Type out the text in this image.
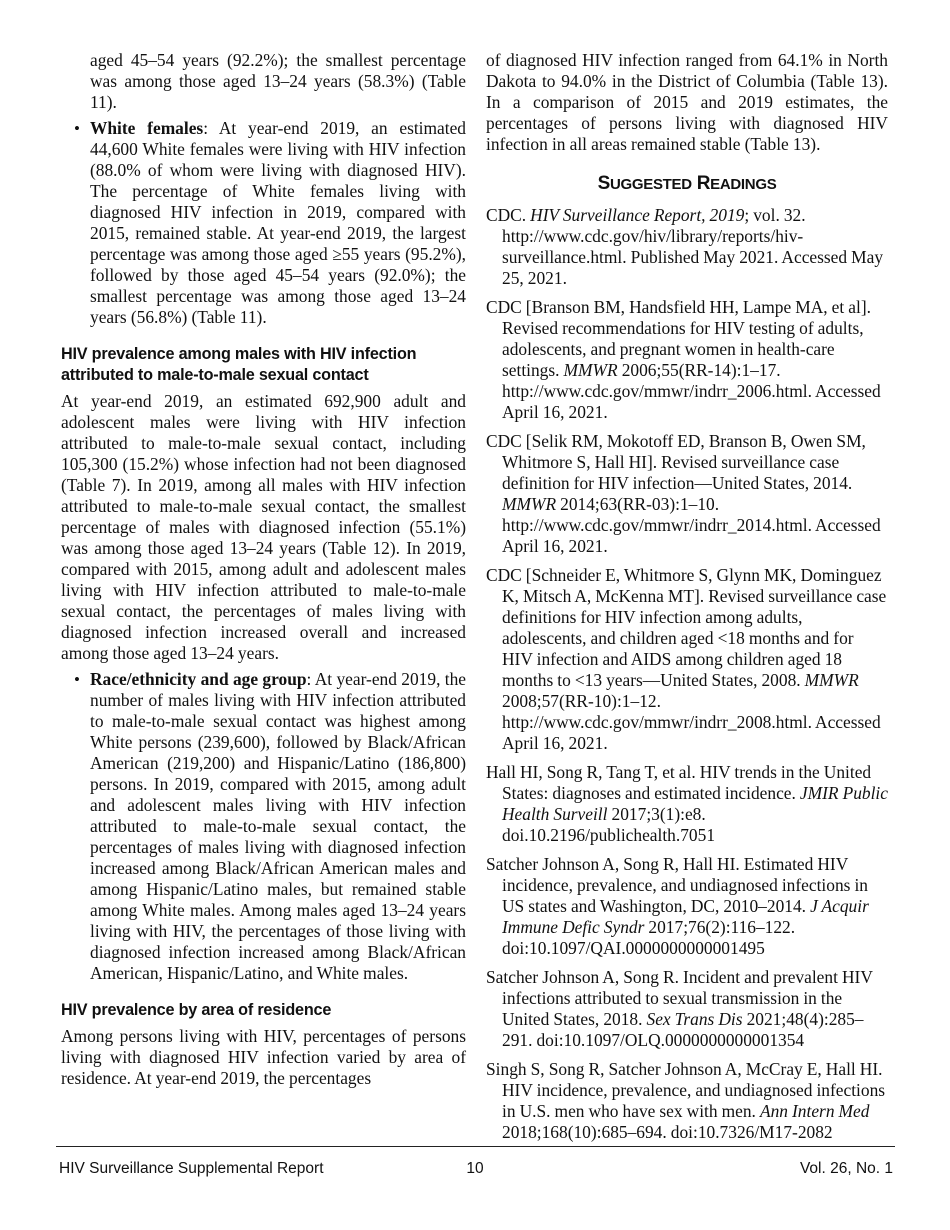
aged 45–54 years (92.2%); the smallest percentage was among those aged 13–24 years (58.3%) (Table 11).

• White females: At year-end 2019, an estimated 44,600 White females were living with HIV infection (88.0% of whom were living with diagnosed HIV). The percentage of White females living with diagnosed HIV infection in 2019, compared with 2015, remained stable. At year-end 2019, the largest percentage was among those aged ≥55 years (95.2%), followed by those aged 45–54 years (92.0%); the smallest percentage was among those aged 13–24 years (56.8%) (Table 11).
HIV prevalence among males with HIV infection attributed to male-to-male sexual contact

At year-end 2019, an estimated 692,900 adult and adolescent males were living with HIV infection attributed to male-to-male sexual contact, including 105,300 (15.2%) whose infection had not been diagnosed (Table 7). In 2019, among all males with HIV infection attributed to male-to-male sexual contact, the smallest percentage of males with diagnosed infection (55.1%) was among those aged 13–24 years (Table 12). In 2019, compared with 2015, among adult and adolescent males living with HIV infection attributed to male-to-male sexual contact, the percentages of males living with diagnosed infection increased overall and increased among those aged 13–24 years.

• Race/ethnicity and age group: At year-end 2019, the number of males living with HIV infection attributed to male-to-male sexual contact was highest among White persons (239,600), followed by Black/African American (219,200) and Hispanic/Latino (186,800) persons. In 2019, compared with 2015, among adult and adolescent males living with HIV infection attributed to male-to-male sexual contact, the percentages of males living with diagnosed infection increased among Black/African American males and among Hispanic/Latino males, but remained stable among White males. Among males aged 13–24 years living with HIV, the percentages of those living with diagnosed infection increased among Black/African American, Hispanic/Latino, and White males.
HIV prevalence by area of residence

Among persons living with HIV, percentages of persons living with diagnosed HIV infection varied by area of residence. At year-end 2019, the percentages

of diagnosed HIV infection ranged from 64.1% in North Dakota to 94.0% in the District of Columbia (Table 13). In a comparison of 2015 and 2019 estimates, the percentages of persons living with diagnosed HIV infection in all areas remained stable (Table 13).

SUGGESTED READINGS

CDC. HIV Surveillance Report, 2019; vol. 32. http://www.cdc.gov/hiv/library/reports/hiv-surveillance.html. Published May 2021. Accessed May 25, 2021.

CDC [Branson BM, Handsfield HH, Lampe MA, et al]. Revised recommendations for HIV testing of adults, adolescents, and pregnant women in health-care settings. MMWR 2006;55(RR-14):1–17. http://www.cdc.gov/mmwr/indrr_2006.html. Accessed April 16, 2021.

CDC [Selik RM, Mokotoff ED, Branson B, Owen SM, Whitmore S, Hall HI]. Revised surveillance case definition for HIV infection—United States, 2014. MMWR 2014;63(RR-03):1–10. http://www.cdc.gov/mmwr/indrr_2014.html. Accessed April 16, 2021.

CDC [Schneider E, Whitmore S, Glynn MK, Dominguez K, Mitsch A, McKenna MT]. Revised surveillance case definitions for HIV infection among adults, adolescents, and children aged <18 months and for HIV infection and AIDS among children aged 18 months to <13 years—United States, 2008. MMWR 2008;57(RR-10):1–12. http://www.cdc.gov/mmwr/indrr_2008.html. Accessed April 16, 2021.

Hall HI, Song R, Tang T, et al. HIV trends in the United States: diagnoses and estimated incidence. JMIR Public Health Surveill 2017;3(1):e8. doi.10.2196/publichealth.7051

Satcher Johnson A, Song R, Hall HI. Estimated HIV incidence, prevalence, and undiagnosed infections in US states and Washington, DC, 2010–2014. J Acquir Immune Defic Syndr 2017;76(2):116–122. doi:10.1097/QAI.0000000000001495

Satcher Johnson A, Song R. Incident and prevalent HIV infections attributed to sexual transmission in the United States, 2018. Sex Trans Dis 2021;48(4):285–291. doi:10.1097/OLQ.0000000000001354

Singh S, Song R, Satcher Johnson A, McCray E, Hall HI. HIV incidence, prevalence, and undiagnosed infections in U.S. men who have sex with men. Ann Intern Med 2018;168(10):685–694. doi:10.7326/M17-2082

HIV Surveillance Supplemental Report	10	Vol. 26, No. 1
